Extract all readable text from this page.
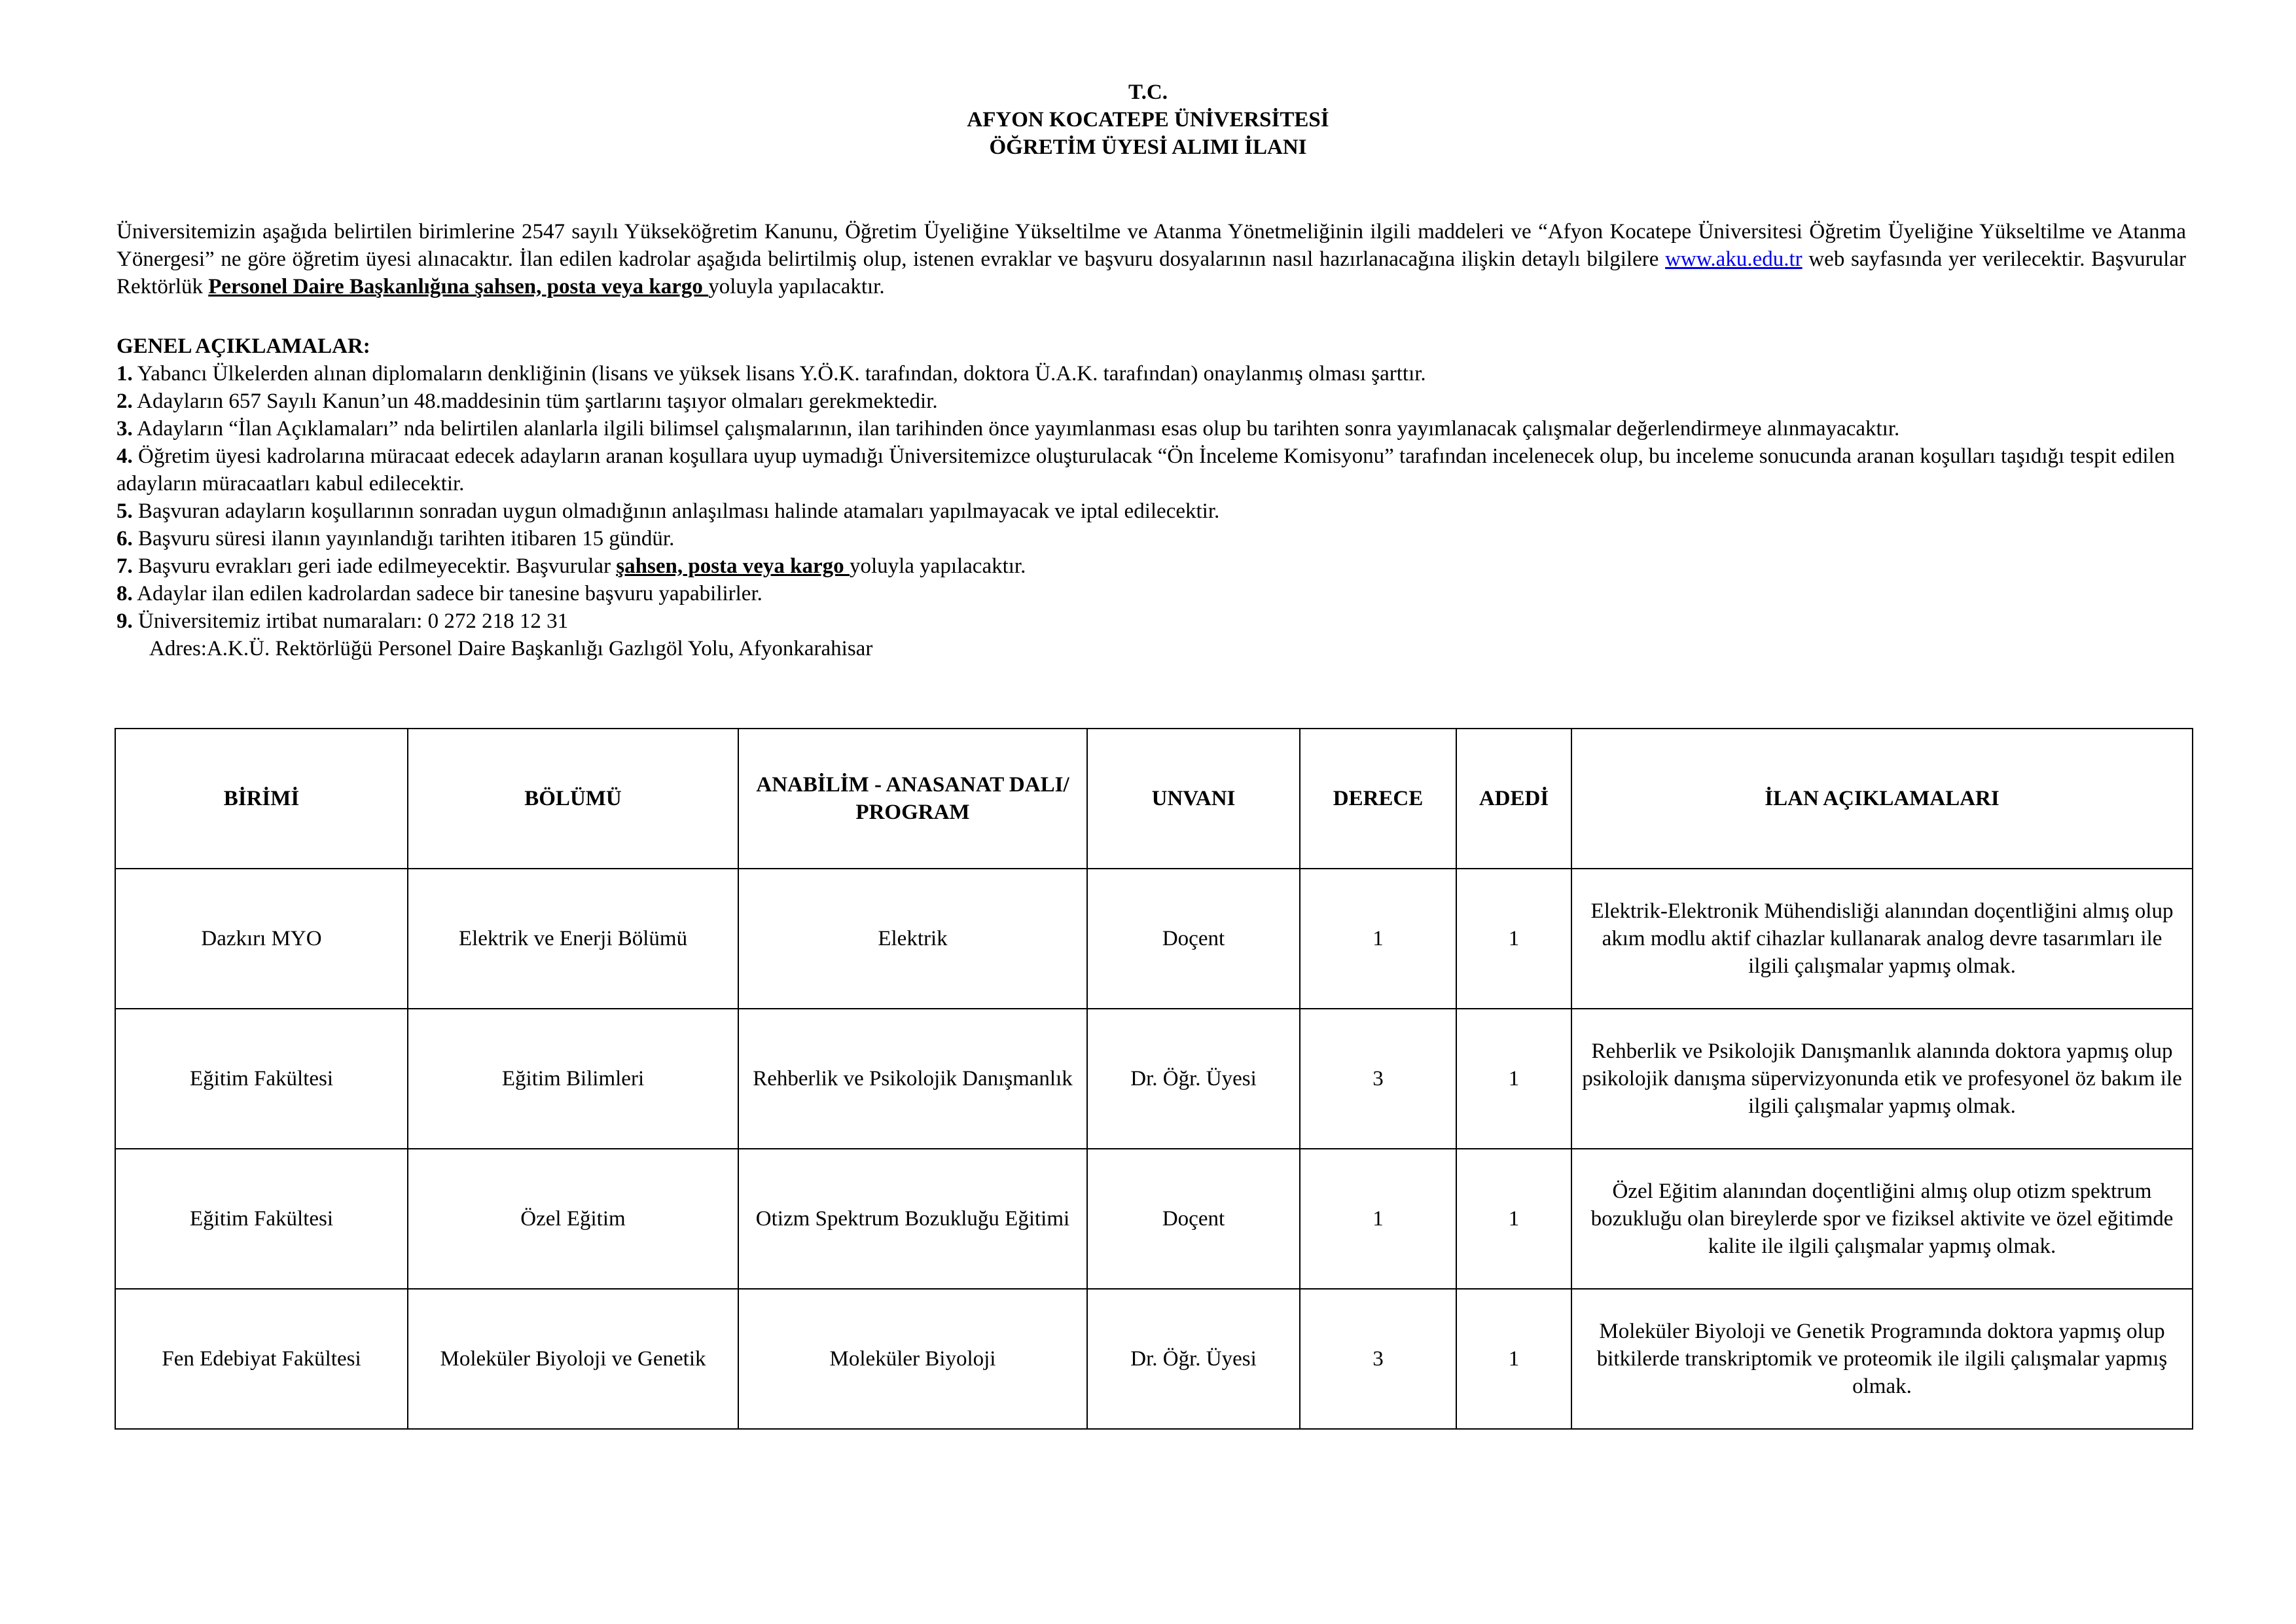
T.C.
AFYON KOCATEPE ÜNİVERSİTESİ
ÖĞRETİM ÜYESİ ALIMI İLANI
Üniversitemizin aşağıda belirtilen birimlerine 2547 sayılı Yükseköğretim Kanunu, Öğretim Üyeliğine Yükseltilme ve Atanma Yönetmeliğinin ilgili maddeleri ve “Afyon Kocatepe Üniversitesi Öğretim Üyeliğine Yükseltilme ve Atanma Yönergesi” ne göre öğretim üyesi alınacaktır. İlan edilen kadrolar aşağıda belirtilmiş olup, istenen evraklar ve başvuru dosyalarının nasıl hazırlanacağına ilişkin detaylı bilgilere www.aku.edu.tr web sayfasında yer verilecektir. Başvurular Rektörlük Personel Daire Başkanlığına şahsen, posta veya kargo yoluyla yapılacaktır.
GENEL AÇIKLAMALAR:
1. Yabancı Ülkelerden alınan diplomaların denkliğinin (lisans ve yüksek lisans Y.Ö.K. tarafından, doktora Ü.A.K. tarafından) onaylanmış olması şarttır.
2. Adayların 657 Sayılı Kanun’un 48.maddesinin tüm şartlarını taşıyor olmaları gerekmektedir.
3. Adayların “İlan Açıklamaları” nda belirtilen alanlarla ilgili bilimsel çalışmalarının, ilan tarihinden önce yayımlanması esas olup bu tarihten sonra yayımlanacak çalışmalar değerlendirmeye alınmayacaktır.
4. Öğretim üyesi kadrolarına müracaat edecek adayların aranan koşullara uyup uymadığı Üniversitemizce oluşturulacak “Ön İnceleme Komisyonu” tarafından incelenecek olup, bu inceleme sonucunda aranan koşulları taşıdığı tespit edilen adayların müracaatları kabul edilecektir.
5. Başvuran adayların koşullarının sonradan uygun olmadığının anlaşılması halinde atamaları yapılmayacak ve iptal edilecektir.
6. Başvuru süresi ilanın yayınlandığı tarihten itibaren 15 gündür.
7. Başvuru evrakları geri iade edilmeyecektir. Başvurular şahsen, posta veya kargo yoluyla yapılacaktır.
8. Adaylar ilan edilen kadrolardan sadece bir tanesine başvuru yapabilirler.
9. Üniversitemiz irtibat numaraları: 0 272 218 12 31
Adres:A.K.Ü. Rektörlüğü Personel Daire Başkanlığı Gazlıgöl Yolu, Afyonkarahisar
BİRİMİ	BÖLÜMÜ	ANABİLİM - ANASANAT DALI/ PROGRAM	UNVANI	DERECE	ADEDİ	İLAN AÇIKLAMALARI
Dazkırı MYO	Elektrik ve Enerji Bölümü	Elektrik	Doçent	1	1	Elektrik-Elektronik Mühendisliği alanından doçentliğini almış olup akım modlu aktif cihazlar kullanarak analog devre tasarımları ile ilgili çalışmalar yapmış olmak.
Eğitim Fakültesi	Eğitim Bilimleri	Rehberlik ve Psikolojik Danışmanlık	Dr. Öğr. Üyesi	3	1	Rehberlik ve Psikolojik Danışmanlık alanında doktora yapmış olup psikolojik danışma süpervizyonunda etik ve profesyonel öz bakım ile ilgili çalışmalar yapmış olmak.
Eğitim Fakültesi	Özel Eğitim	Otizm Spektrum Bozukluğu Eğitimi	Doçent	1	1	Özel Eğitim alanından doçentliğini almış olup otizm spektrum bozukluğu olan bireylerde spor ve fiziksel aktivite ve özel eğitimde kalite ile ilgili çalışmalar yapmış olmak.
Fen Edebiyat Fakültesi	Moleküler Biyoloji ve Genetik	Moleküler Biyoloji	Dr. Öğr. Üyesi	3	1	Moleküler Biyoloji ve Genetik Programında doktora yapmış olup bitkilerde transkriptomik ve proteomik ile ilgili çalışmalar yapmış olmak.
